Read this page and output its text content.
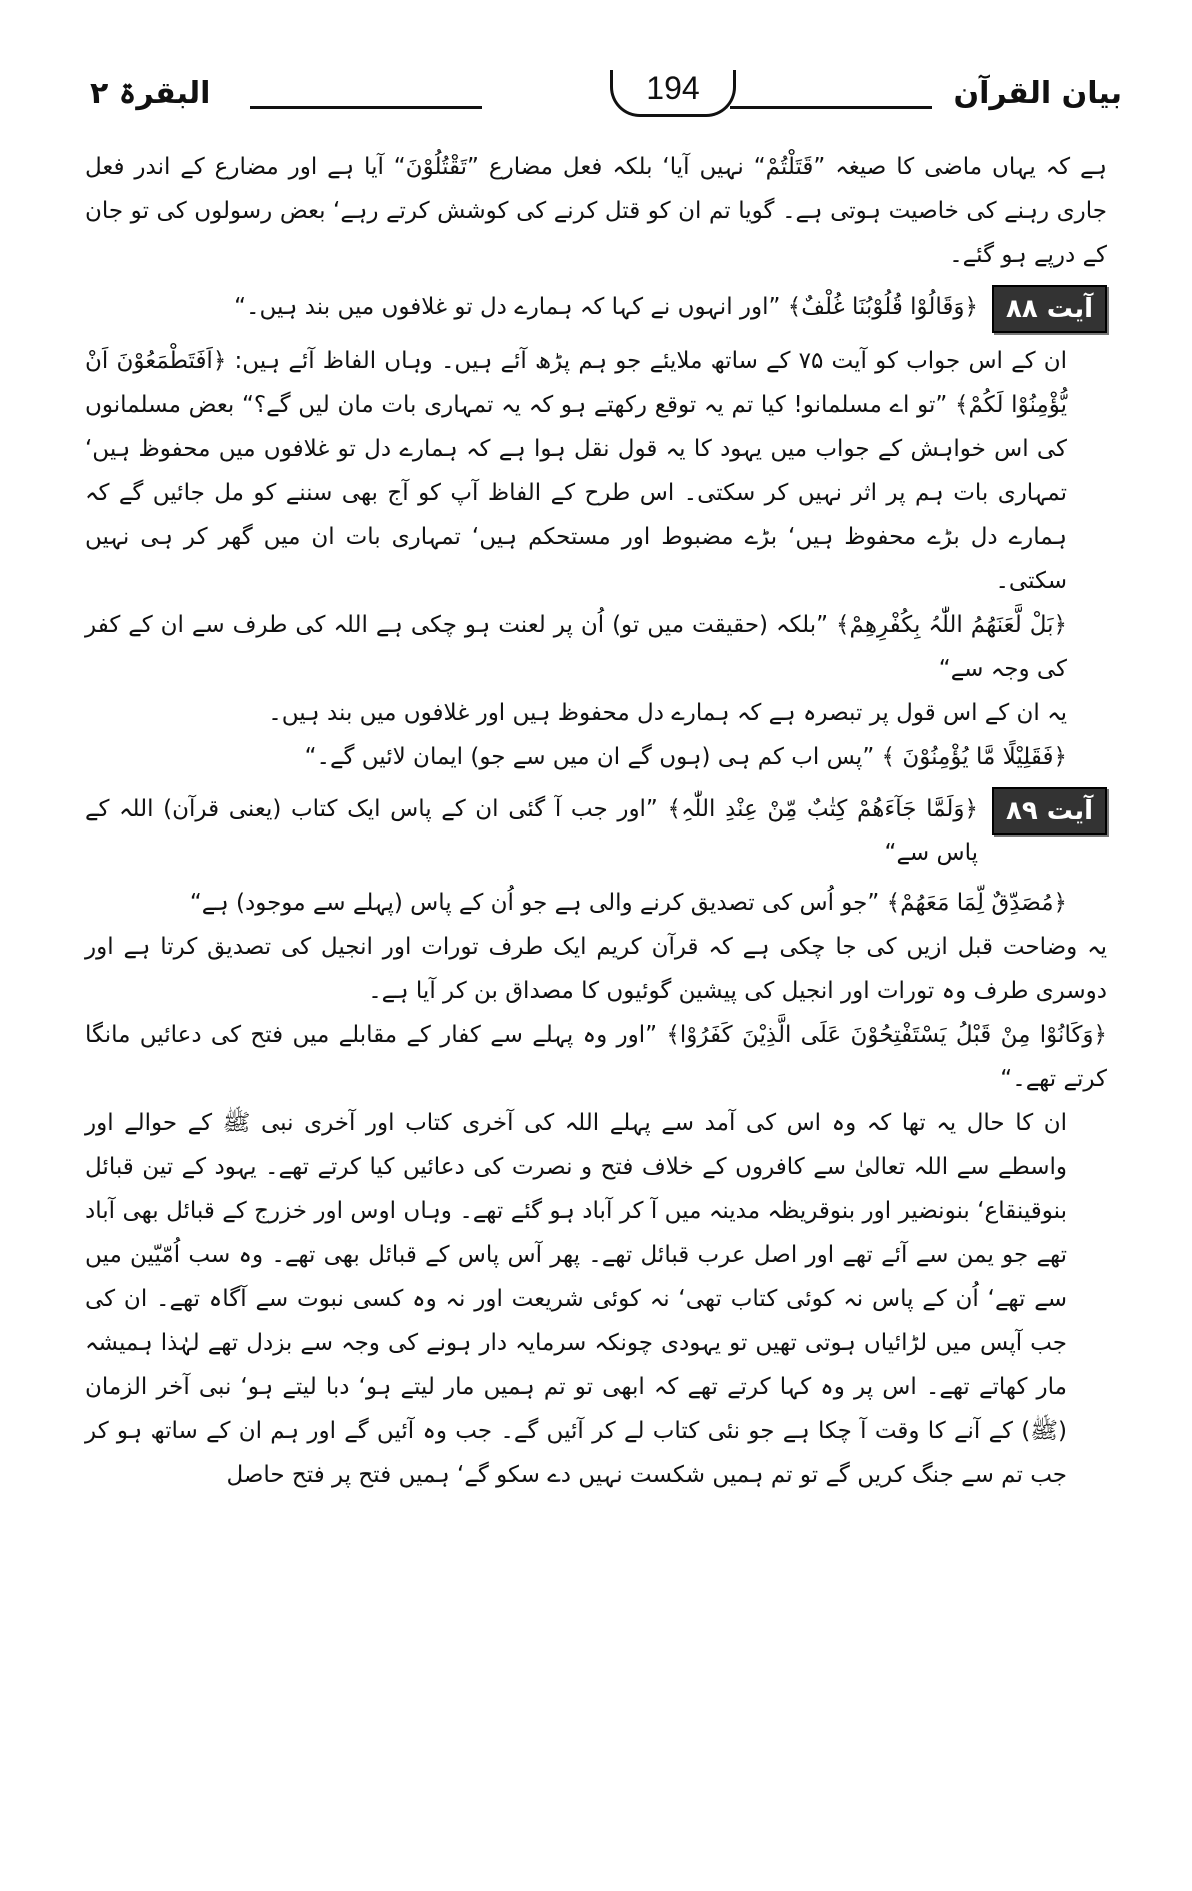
بیان القرآن
194
البقرۃ ۲

ہے کہ یہاں ماضی کا صیغہ ”قَتَلْتُمْ“ نہیں آیا‘ بلکہ فعل مضارع ”تَقْتُلُوْنَ“ آیا ہے اور مضارع کے اندر فعل جاری رہنے کی خاصیت ہوتی ہے۔ گویا تم ان کو قتل کرنے کی کوشش کرتے رہے‘ بعض رسولوں کی تو جان کے درپے ہو گئے۔

آیت ۸۸

﴿وَقَالُوْا قُلُوْبُنَا غُلْفٌ﴾ ”اور انہوں نے کہا کہ ہمارے دل تو غلافوں میں بند ہیں۔“

ان کے اس جواب کو آیت ۷۵ کے ساتھ ملایئے جو ہم پڑھ آئے ہیں۔ وہاں الفاظ آئے ہیں: ﴿اَفَتَطْمَعُوْنَ اَنْ یُّؤْمِنُوْا لَکُمْ﴾ ”تو اے مسلمانو! کیا تم یہ توقع رکھتے ہو کہ یہ تمہاری بات مان لیں گے؟“ بعض مسلمانوں کی اس خواہش کے جواب میں یہود کا یہ قول نقل ہوا ہے کہ ہمارے دل تو غلافوں میں محفوظ ہیں‘ تمہاری بات ہم پر اثر نہیں کر سکتی۔ اس طرح کے الفاظ آپ کو آج بھی سننے کو مل جائیں گے کہ ہمارے دل بڑے محفوظ ہیں‘ بڑے مضبوط اور مستحکم ہیں‘ تمہاری بات ان میں گھر کر ہی نہیں سکتی۔

﴿بَلْ لَّعَنَھُمُ اللّٰہُ بِکُفْرِھِمْ﴾ ”بلکہ (حقیقت میں تو) اُن پر لعنت ہو چکی ہے اللہ کی طرف سے ان کے کفر کی وجہ سے“

یہ ان کے اس قول پر تبصرہ ہے کہ ہمارے دل محفوظ ہیں اور غلافوں میں بند ہیں۔

﴿فَقَلِیْلًا مَّا یُؤْمِنُوْنَ ﴾ ”پس اب کم ہی (ہوں گے ان میں سے جو) ایمان لائیں گے۔“

آیت ۸۹

﴿وَلَمَّا جَآءَھُمْ کِتٰبٌ مِّنْ عِنْدِ اللّٰہِ﴾ ”اور جب آ گئی ان کے پاس ایک کتاب (یعنی قرآن) اللہ کے پاس سے“

﴿مُصَدِّقٌ لِّمَا مَعَھُمْ﴾ ”جو اُس کی تصدیق کرنے والی ہے جو اُن کے پاس (پہلے سے موجود) ہے“

یہ وضاحت قبل ازیں کی جا چکی ہے کہ قرآن کریم ایک طرف تورات اور انجیل کی تصدیق کرتا ہے اور دوسری طرف وہ تورات اور انجیل کی پیشین گوئیوں کا مصداق بن کر آیا ہے۔

﴿وَکَانُوْا مِنْ قَبْلُ یَسْتَفْتِحُوْنَ عَلَی الَّذِیْنَ کَفَرُوْا﴾ ”اور وہ پہلے سے کفار کے مقابلے میں فتح کی دعائیں مانگا کرتے تھے۔“

ان کا حال یہ تھا کہ وہ اس کی آمد سے پہلے اللہ کی آخری کتاب اور آخری نبی ﷺ کے حوالے اور واسطے سے اللہ تعالیٰ سے کافروں کے خلاف فتح و نصرت کی دعائیں کیا کرتے تھے۔ یہود کے تین قبائل بنوقینقاع‘ بنونضیر اور بنوقریظہ مدینہ میں آ کر آباد ہو گئے تھے۔ وہاں اوس اور خزرج کے قبائل بھی آباد تھے جو یمن سے آئے تھے اور اصل عرب قبائل تھے۔ پھر آس پاس کے قبائل بھی تھے۔ وہ سب اُمّیّین میں سے تھے‘ اُن کے پاس نہ کوئی کتاب تھی‘ نہ کوئی شریعت اور نہ وہ کسی نبوت سے آگاہ تھے۔ ان کی جب آپس میں لڑائیاں ہوتی تھیں تو یہودی چونکہ سرمایہ دار ہونے کی وجہ سے بزدل تھے لہٰذا ہمیشہ مار کھاتے تھے۔ اس پر وہ کہا کرتے تھے کہ ابھی تو تم ہمیں مار لیتے ہو‘ دبا لیتے ہو‘ نبی آخر الزمان (ﷺ) کے آنے کا وقت آ چکا ہے جو نئی کتاب لے کر آئیں گے۔ جب وہ آئیں گے اور ہم ان کے ساتھ ہو کر جب تم سے جنگ کریں گے تو تم ہمیں شکست نہیں دے سکو گے‘ ہمیں فتح پر فتح حاصل
